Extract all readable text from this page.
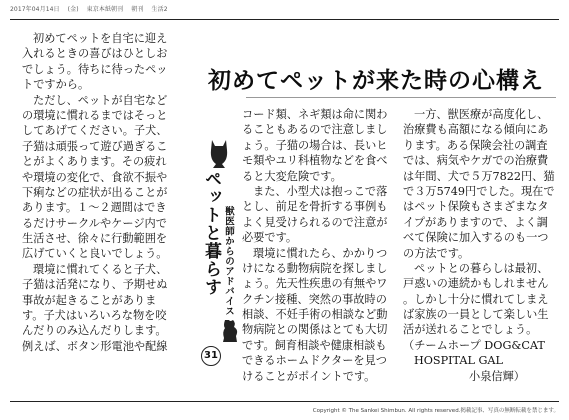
2017年04月14日 (金) 東京本紙朝刊 朝刊 生活2
初めてペットが来た時の心構え
初めてペットを自宅に迎え
入れるときの喜びはひとしお
でしょう。待ちに待ったペッ
トですから。
ただし、ペットが自宅など
の環境に慣れるまではそっと
してあげてください。子犬、
子猫は頑張って遊び過ぎるこ
とがよくあります。その疲れ
や環境の変化で、食欲不振や
下痢などの症状が出ることが
あります。１～２週間はでき
るだけサークルやケージ内で
生活させ、徐々に行動範囲を
広げていくと良いでしょう。
環境に慣れてくると子犬、
子猫は活発になり、予期せぬ
事故が起きることがありま
す。子犬はいろいろな物を咬
んだりのみ込んだりします。
例えば、ボタン形電池や配線
ペットと暮らす 獣医師からのアドバイス
31
コード類、ネギ類は命に関わ
ることもあるので注意しまし
ょう。子猫の場合は、長いヒ
モ類やユリ科植物などを食べ
ると大変危険です。
また、小型犬は抱っこで落
とし、前足を骨折する事例も
よく見受けられるので注意が
必要です。
環境に慣れたら、かかりつ
けになる動物病院を探しまし
ょう。先天性疾患の有無やワ
クチン接種、突然の事故時の
相談、不妊手術の相談など動
物病院との関係はとても大切
です。飼育相談や健康相談も
できるホームドクターを見つ
けることがポイントです。
一方、獣医療が高度化し、
治療費も高額になる傾向にあ
ります。ある保険会社の調査
では、病気やケガでの治療費
は年間、犬で５万7822円、猫
で３万5749円でした。現在で
はペット保険もさまざまなタ
イプがありますので、よく調
べて保険に加入するのも一つ
の方法です。
ペットとの暮らしは最初、
戸惑いの連続かもしれません
。しかし十分に慣れてしまえ
ば家族の一員として楽しい生
活が送れることでしょう。
（チームホープ DOG&CAT
HOSPITAL GAL
小泉信輝）
Copyright © The Sankei Shimbun. All rights reserved.掲載記事、写真の無断転載を禁じます。
